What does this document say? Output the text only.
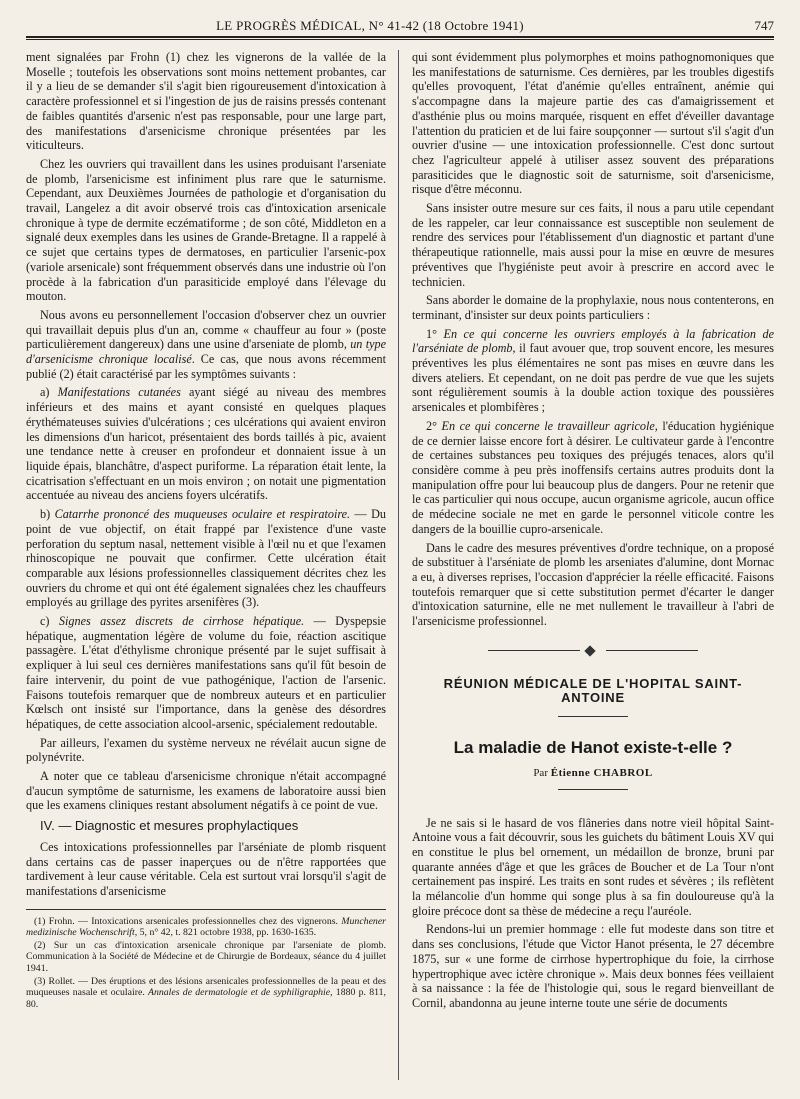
LE PROGRÈS MÉDICAL, N° 41-42 (18 Octobre 1941)	747

ment signalées par Frohn (1) chez les vignerons de la vallée de la Moselle ; toutefois les observations sont moins nettement probantes, car il y a lieu de se demander s'il s'agit bien rigoureusement d'intoxication à caractère professionnel et si l'ingestion de jus de raisins pressés contenant de faibles quantités d'arsenic n'est pas responsable, pour une large part, des manifestations d'arsenicisme chronique présentées par les viticulteurs.

Chez les ouvriers qui travaillent dans les usines produisant l'arseniate de plomb, l'arsenicisme est infiniment plus rare que le saturnisme. Cependant, aux Deuxièmes Journées de pathologie et d'organisation du travail, Langelez a dit avoir observé trois cas d'intoxication arsenicale chronique à type de dermite eczématiforme ; de son côté, Middleton en a signalé deux exemples dans les usines de Grande-Bretagne. Il a rappelé à ce sujet que certains types de dermatoses, en particulier l'arsenic-pox (variole arsenicale) sont fréquemment observés dans une industrie où l'on procède à la fabrication d'un parasiticide employé dans l'élevage du mouton.

Nous avons eu personnellement l'occasion d'observer chez un ouvrier qui travaillait depuis plus d'un an, comme « chauffeur au four » (poste particulièrement dangereux) dans une usine d'arseniate de plomb, un type d'arsenicisme chronique localisé. Ce cas, que nous avons récemment publié (2) était caractérisé par les symptômes suivants :

a) Manifestations cutanées ayant siégé au niveau des membres inférieurs et des mains et ayant consisté en quelques plaques érythémateuses suivies d'ulcérations ; ces ulcérations qui avaient environ les dimensions d'un haricot, présentaient des bords taillés à pic, avaient une tendance nette à creuser en profondeur et donnaient issue à un liquide épais, blanchâtre, d'aspect puriforme. La réparation était lente, la cicatrisation s'effectuant en un mois environ ; on notait une pigmentation accentuée au niveau des anciens foyers ulcératifs.

b) Catarrhe prononcé des muqueuses oculaire et respiratoire. — Du point de vue objectif, on était frappé par l'existence d'une vaste perforation du septum nasal, nettement visible à l'œil nu et que l'examen rhinoscopique ne pouvait que confirmer. Cette ulcération était comparable aux lésions professionnelles classiquement décrites chez les ouvriers du chrome et qui ont été également signalées chez les chauffeurs employés au grillage des pyrites arsenifères (3).

c) Signes assez discrets de cirrhose hépatique. — Dyspepsie hépatique, augmentation légère de volume du foie, réaction ascitique passagère. L'état d'éthylisme chronique présenté par le sujet suffisait à expliquer à lui seul ces dernières manifestations sans qu'il fût besoin de faire intervenir, du point de vue pathogénique, l'action de l'arsenic. Faisons toutefois remarquer que de nombreux auteurs et en particulier Kœlsch ont insisté sur l'importance, dans la genèse des désordres hépatiques, de cette association alcool-arsenic, spécialement redoutable.

Par ailleurs, l'examen du système nerveux ne révélait aucun signe de polynévrite.

A noter que ce tableau d'arsenicisme chronique n'était accompagné d'aucun symptôme de saturnisme, les examens de laboratoire aussi bien que les examens cliniques restant absolument négatifs à ce point de vue.

IV. — Diagnostic et mesures prophylactiques

Ces intoxications professionnelles par l'arséniate de plomb risquent dans certains cas de passer inaperçues ou de n'être rapportées que tardivement à leur cause véritable. Cela est surtout vrai lorsqu'il s'agit de manifestations d'arsenicisme

(1) Frohn. — Intoxications arsenicales professionnelles chez des vignerons. Munchener medizinische Wochenschrift, 5, n° 42, t. 821 octobre 1938, pp. 1630-1635.

(2) Sur un cas d'intoxication arsenicale chronique par l'arseniate de plomb. Communication à la Société de Médecine et de Chirurgie de Bordeaux, séance du 4 juillet 1941.

(3) Rollet. — Des éruptions et des lésions arsenicales professionnelles de la peau et des muqueuses nasale et oculaire. Annales de dermatologie et de syphiligraphie, 1880 p. 811, 80.

qui sont évidemment plus polymorphes et moins pathognomoniques que les manifestations de saturnisme. Ces dernières, par les troubles digestifs qu'elles provoquent, l'état d'anémie qu'elles entraînent, anémie qui s'accompagne dans la majeure partie des cas d'amaigrissement et d'asthénie plus ou moins marquée, risquent en effet d'éveiller davantage l'attention du praticien et de lui faire soupçonner — surtout s'il s'agit d'un ouvrier d'usine — une intoxication professionnelle. C'est donc surtout chez l'agriculteur appelé à utiliser assez souvent des préparations parasiticides que le diagnostic soit de saturnisme, soit d'arsenicisme, risque d'être méconnu.

Sans insister outre mesure sur ces faits, il nous a paru utile cependant de les rappeler, car leur connaissance est susceptible non seulement de rendre des services pour l'établissement d'un diagnostic et partant d'une thérapeutique rationnelle, mais aussi pour la mise en œuvre de mesures préventives que l'hygiéniste peut avoir à prescrire en accord avec le technicien.

Sans aborder le domaine de la prophylaxie, nous nous contenterons, en terminant, d'insister sur deux points particuliers :

1° En ce qui concerne les ouvriers employés à la fabrication de l'arséniate de plomb, il faut avouer que, trop souvent encore, les mesures préventives les plus élémentaires ne sont pas mises en œuvre dans les divers ateliers. Et cependant, on ne doit pas perdre de vue que les sujets sont régulièrement soumis à la double action toxique des poussières arsenicales et plombifères ;

2° En ce qui concerne le travailleur agricole, l'éducation hygiénique de ce dernier laisse encore fort à désirer. Le cultivateur garde à l'encontre de certaines substances peu toxiques des préjugés tenaces, alors qu'il considère comme à peu près inoffensifs certains autres produits dont la manipulation offre pour lui beaucoup plus de dangers. Pour ne retenir que le cas particulier qui nous occupe, aucun organisme agricole, aucun office de médecine sociale ne met en garde le personnel viticole contre les dangers de la bouillie cupro-arsenicale.

Dans le cadre des mesures préventives d'ordre technique, on a proposé de substituer à l'arséniate de plomb les arseniates d'alumine, dont Mornac a eu, à diverses reprises, l'occasion d'apprécier la réelle efficacité. Faisons toutefois remarquer que si cette substitution permet d'écarter le danger d'intoxication saturnine, elle ne met nullement le travailleur à l'abri de l'arsenicisme professionnel.

RÉUNION MÉDICALE DE L'HOPITAL SAINT-ANTOINE
La maladie de Hanot existe-t-elle ?
Par Étienne CHABROL

Je ne sais si le hasard de vos flâneries dans notre vieil hôpital Saint-Antoine vous a fait découvrir, sous les guichets du bâtiment Louis XV qui en constitue le plus bel ornement, un médaillon de bronze, bruni par quarante années d'âge et que les grâces de Boucher et de La Tour n'ont certainement pas inspiré. Les traits en sont rudes et sévères ; ils reflètent la mélancolie d'un homme qui songe plus à sa fin douloureuse qu'à la gloire précoce dont sa thèse de médecine a reçu l'auréole.

Rendons-lui un premier hommage : elle fut modeste dans son titre et dans ses conclusions, l'étude que Victor Hanot présenta, le 27 décembre 1875, sur « une forme de cirrhose hypertrophique du foie, la cirrhose hypertrophique avec ictère chronique ». Mais deux bonnes fées veillaient à sa naissance : la fée de l'histologie qui, sous le regard bienveillant de Cornil, abandonna au jeune interne toute une série de documents
